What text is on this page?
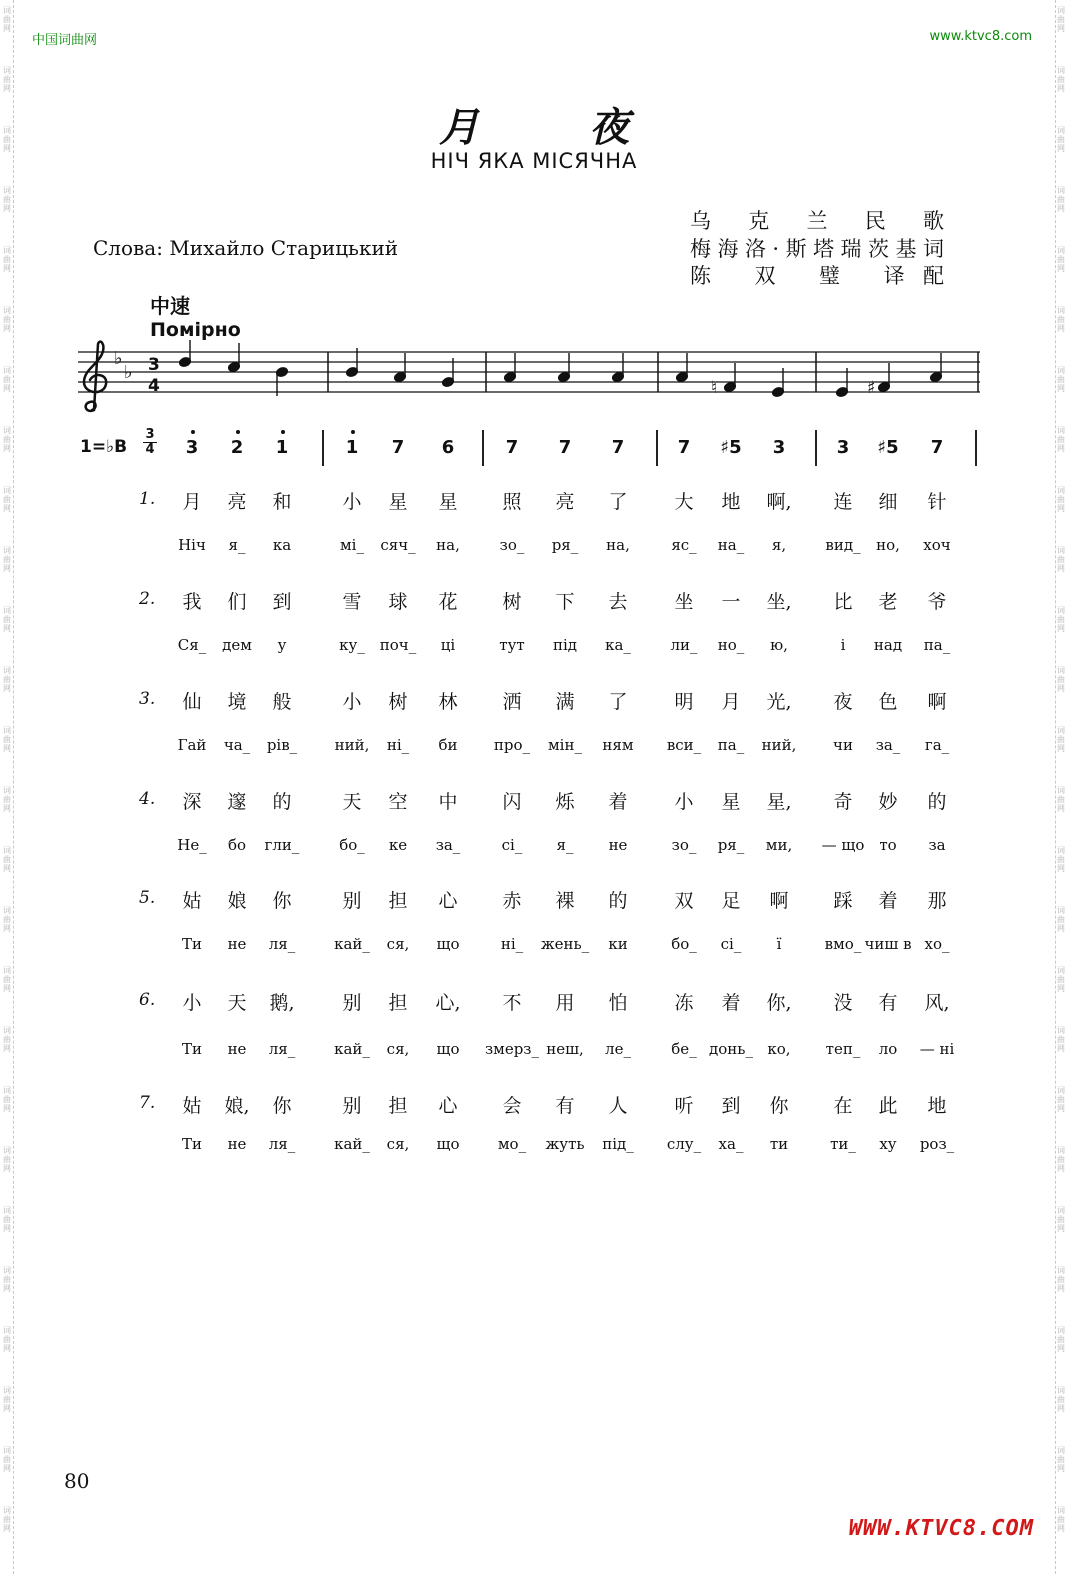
词
曲
网
词
曲
网
词
曲
网
词
曲
网
词
曲
网
词
曲
网
词
曲
网
词
曲
网
词
曲
网
词
曲
网
词
曲
网
词
曲
网
词
曲
网
词
曲
网
词
曲
网
词
曲
网
词
曲
网
词
曲
网
词
曲
网
词
曲
网
词
曲
网
词
曲
网
词
曲
网
词
曲
网
词
曲
网
词
曲
网
词
曲
网
词
曲
网
词
曲
网
词
曲
网
词
曲
网
词
曲
网
词
曲
网
词
曲
网
词
曲
网
词
曲
网
词
曲
网
词
曲
网
词
曲
网
词
曲
网
词
曲
网
词
曲
网
词
曲
网
词
曲
网
词
曲
网
词
曲
网
词
曲
网
词
曲
网
词
曲
网
词
曲
网
词
曲
网
词
曲
网
中国词曲网	www.ktvc8.com
月夜
НІЧ ЯКА МІСЯЧНА
乌 克 兰 民 歌
梅海洛·斯塔瑞茨基词
陈 双 璧 译配
Слова: Михайло Старицький
中速
Помірно
♭
♭ 3
4	♮	♯
1=♭B
3
4	3	2	1	1	7	6	7	7	7	7	♯5	3	3	♯5	7
1.	月	亮	和	小	星	星	照	亮	了	大	地	啊,	连	细	针
Ніч	я_	ка	мі_	сяч_	на,	зо_	ря_	на,	яс_	на_	я,	вид_	но,	хоч
2.	我	们	到	雪	球	花	树	下	去	坐	一	坐,	比	老	爷
Ся_	дем	у	ку_ поч_	ці	тут	під	ка_	ли_	но_	ю,	і	над	па_
3.	仙	境	般	小	树	林	洒	满	了	明	月	光,	夜	色	啊
Гай	ча_	рів_	ний,	ні_	би	про_	мін_	ням	вси_	па_	ний,	чи	за_	га_
4.	深	邃	的	天	空	中	闪	烁	着	小	星	星,	奇	妙	的
Не_	бо	гли_	бо_	ке	за_	сі_	я_	не	зо_	ря_	ми,	— що то	за
5.	姑	娘	你	别	担	心	赤	裸	的	双	足	啊	踩	着	那
Ти	не	ля_	кай_	ся,	що	ні_	жень_	ки	бо_	сі_	ї	вмо_ чиш в хо_
6.	小	天	鹅,	别	担	心,	不	用	怕	冻	着	你,	没	有	风,
Ти	не	ля_	кай_	ся,	що	змерз_ неш,	ле_	бе_ донь_ ко,	теп_	ло	— ні
7.	姑	娘,	你	别	担	心	会	有	人	听	到	你	在	此	地
Ти	не	ля_	кай_	ся,	що	мо_	жуть	під_	слу_	ха_	ти	ти_	ху	роз_
80
WWW.KTVC8.COM
